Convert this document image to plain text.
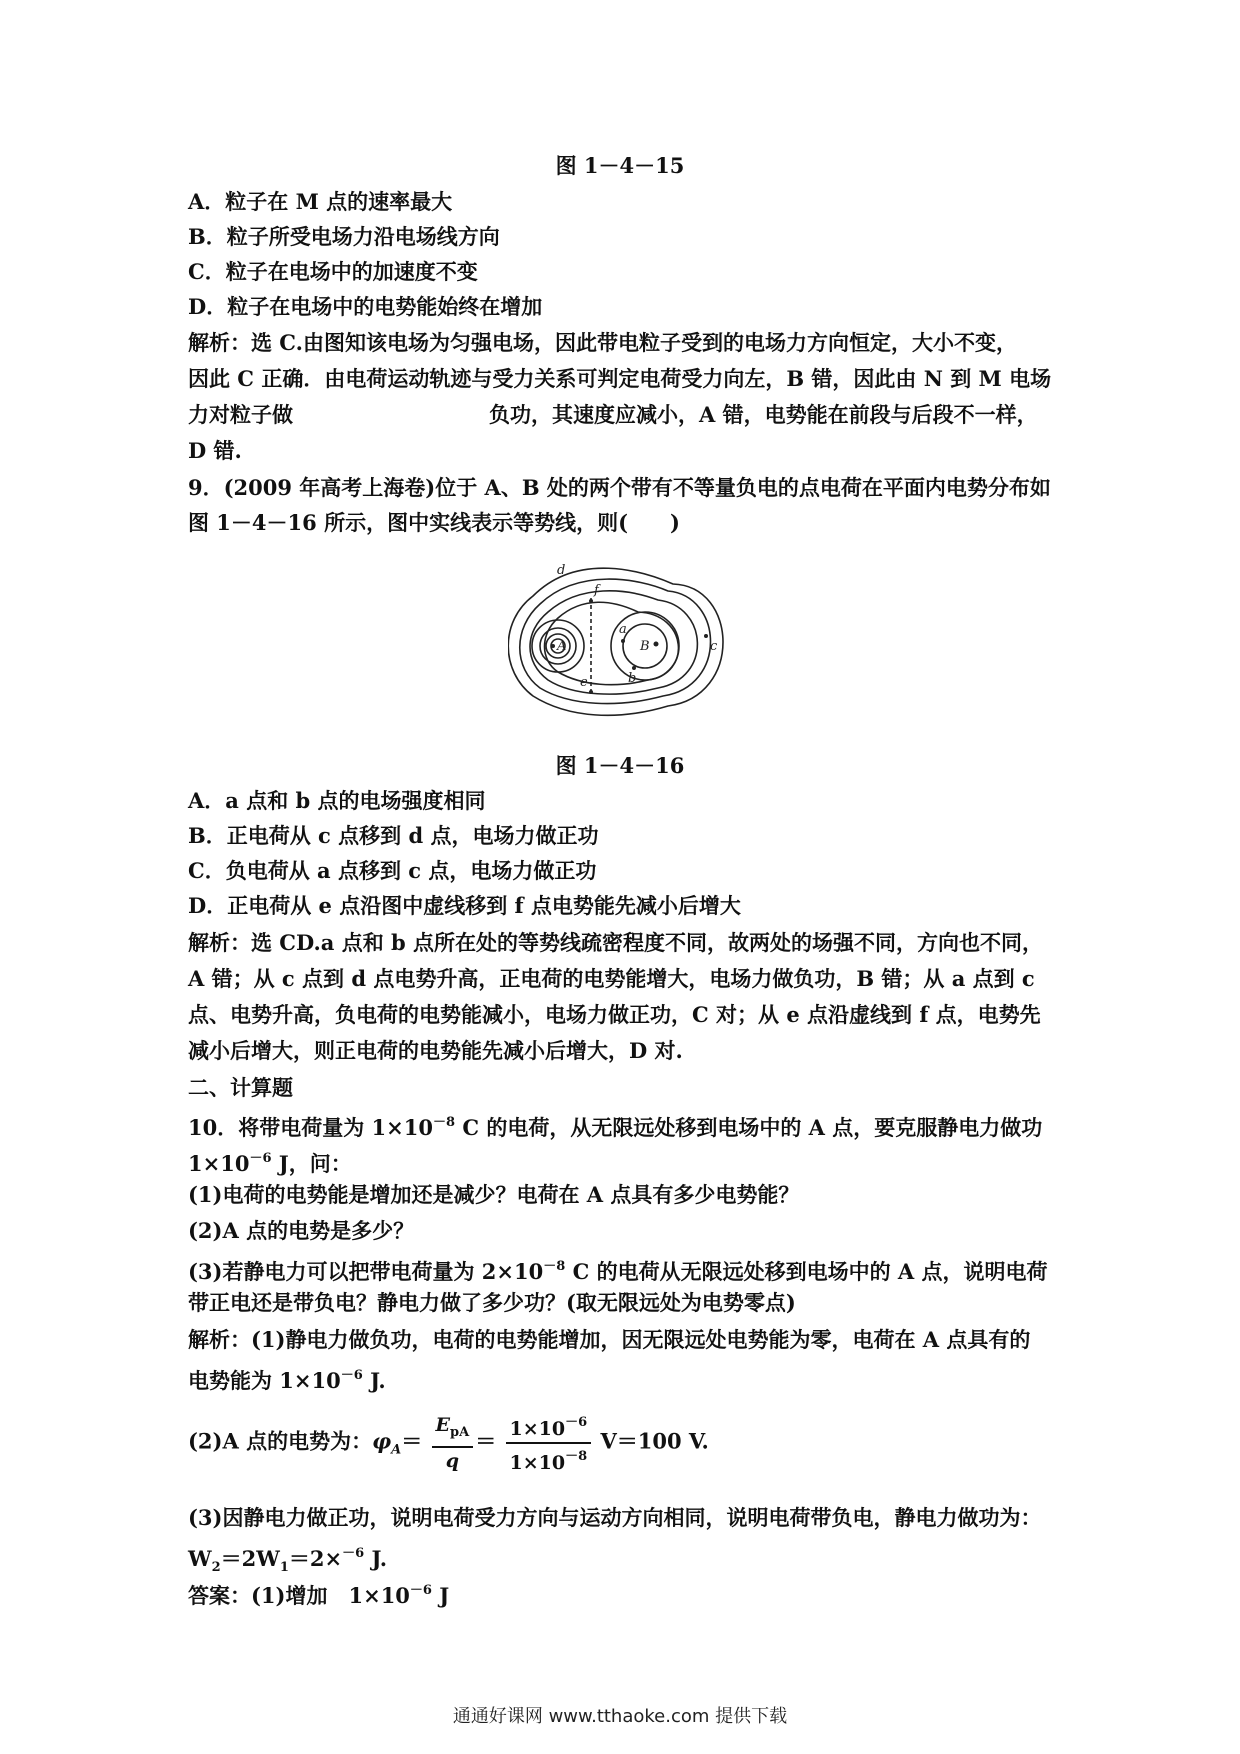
图 1－4－15
A．粒子在 M 点的速率最大
B．粒子所受电场力沿电场线方向
C．粒子在电场中的加速度不变
D．粒子在电场中的电势能始终在增加
解析：选 C.由图知该电场为匀强电场，因此带电粒子受到的电场力方向恒定，大小不变，
因此 C 正确．由电荷运动轨迹与受力关系可判定电荷受力向左，B 错，因此由 N 到 M 电场
力对粒子做	负功，其速度应减小，A 错，电势能在前段与后段不一样，
D 错.
9．(2009 年高考上海卷)位于 A、B 处的两个带有不等量负电的点电荷在平面内电势分布如
图 1－4－16 所示，图中实线表示等势线，则(　　)
A	B
a
b
c
d
e
f
图 1－4－16
A．a 点和 b 点的电场强度相同
B．正电荷从 c 点移到 d 点，电场力做正功
C．负电荷从 a 点移到 c 点，电场力做正功
D．正电荷从 e 点沿图中虚线移到 f 点电势能先减小后增大
解析：选 CD.a 点和 b 点所在处的等势线疏密程度不同，故两处的场强不同，方向也不同，
A 错；从 c 点到 d 点电势升高，正电荷的电势能增大，电场力做负功，B 错；从 a 点到 c
点、电势升高，负电荷的电势能减小，电场力做正功，C 对；从 e 点沿虚线到 f 点，电势先
减小后增大，则正电荷的电势能先减小后增大，D 对.
二、计算题
10．将带电荷量为 $1\times 10^{-8}$ C 的电荷，从无限远处移到电场中的 A 点，要克服静电力做功
$1\times 10^{-6}$ J，问：
(1)电荷的电势能是增加还是减少？电荷在 A 点具有多少电势能？
(2)A 点的电势是多少？
(3)若静电力可以把带电荷量为 $2\times 10^{-8}$ C 的电荷从无限远处移到电场中的 A 点，说明电荷
带正电还是带负电？静电力做了多少功？(取无限远处为电势零点)
解析：(1)静电力做负功，电荷的电势能增加，因无限远处电势能为零，电荷在 A 点具有的
电势能为 $1\times 10^{-6}$ J.
(2)A 点的电势为：$\varphi_A= \frac{E_{pA}}{q} = \frac{1\times 10^{-6}}{1\times 10^{-8}} V=100$ V.
(3)因静电力做正功，说明电荷受力方向与运动方向相同，说明电荷带负电，静电力做功为：
$W_2=2W_1=2\times^{-6}$ J.
答案：(1)增加　$1\times 10^{-6}$ J
通通好课网 www.tthaoke.com 提供下载
